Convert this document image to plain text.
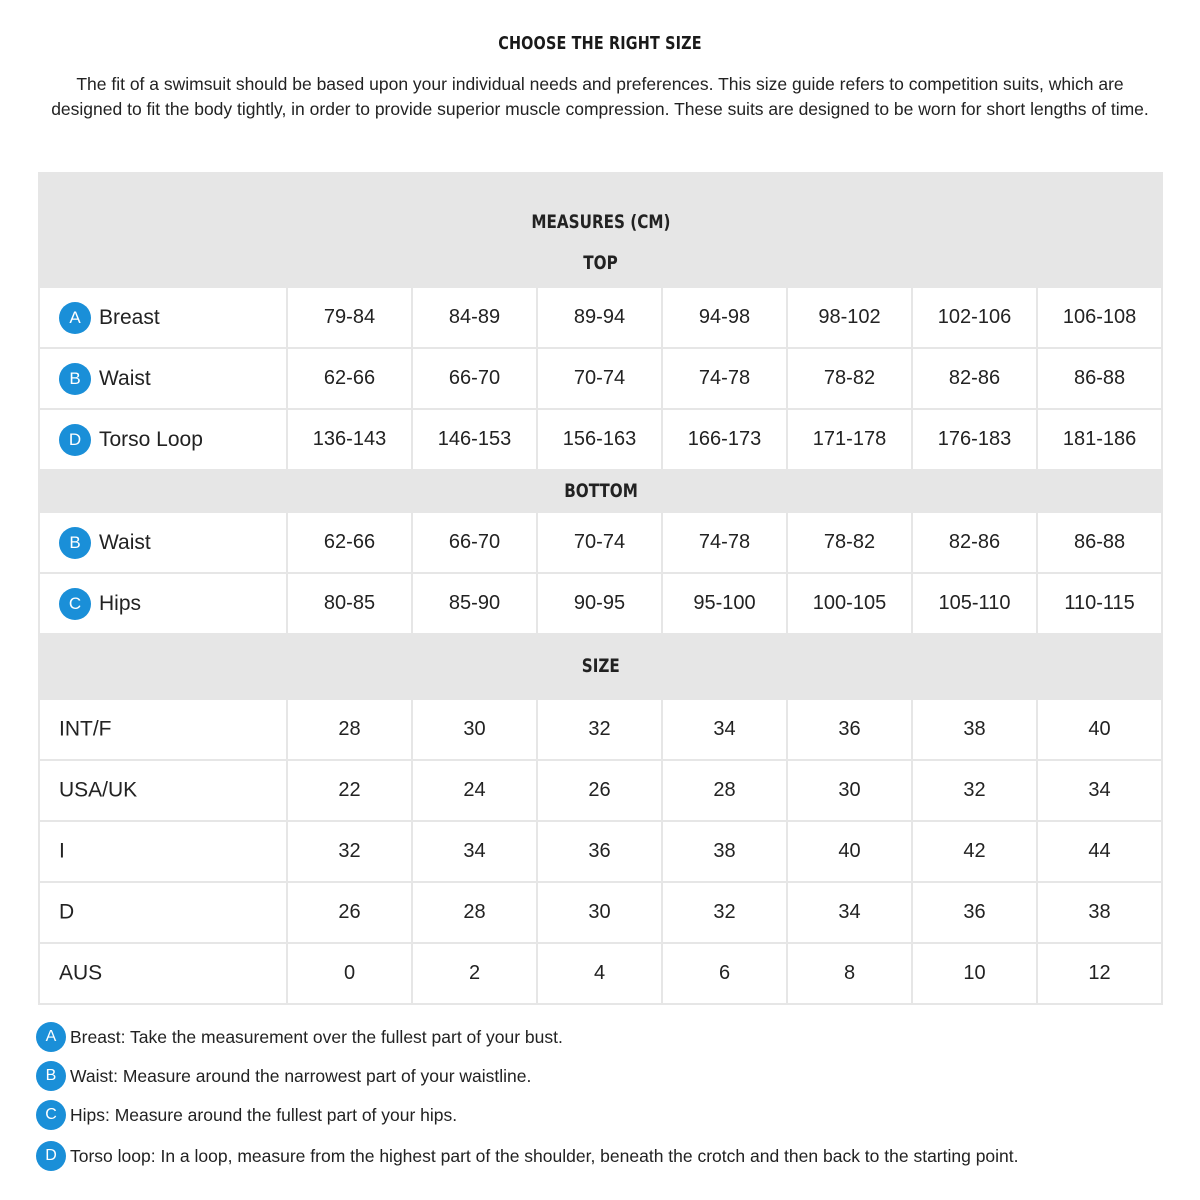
CHOOSE THE RIGHT SIZE
The fit of a swimsuit should be based upon your individual needs and preferences. This size guide refers to competition suits, which are designed to fit the body tightly, in order to provide superior muscle compression. These suits are designed to be worn for short lengths of time.
MEASURES (CM)							
TOP							
A Breast	79-84	84-89	89-94	94-98	98-102	102-106	106-108
B Waist	62-66	66-70	70-74	74-78	78-82	82-86	86-88
D Torso Loop	136-143	146-153	156-163	166-173	171-178	176-183	181-186
BOTTOM							
B Waist	62-66	66-70	70-74	74-78	78-82	82-86	86-88
C Hips	80-85	85-90	90-95	95-100	100-105	105-110	110-115
SIZE							
INT/F	28	30	32	34	36	38	40
USA/UK	22	24	26	28	30	32	34
I	32	34	36	38	40	42	44
D	26	28	30	32	34	36	38
AUS	0	2	4	6	8	10	12
A Breast: Take the measurement over the fullest part of your bust.
B Waist: Measure around the narrowest part of your waistline.
C Hips: Measure around the fullest part of your hips.
D Torso loop: In a loop, measure from the highest part of the shoulder, beneath the crotch and then back to the starting point.
